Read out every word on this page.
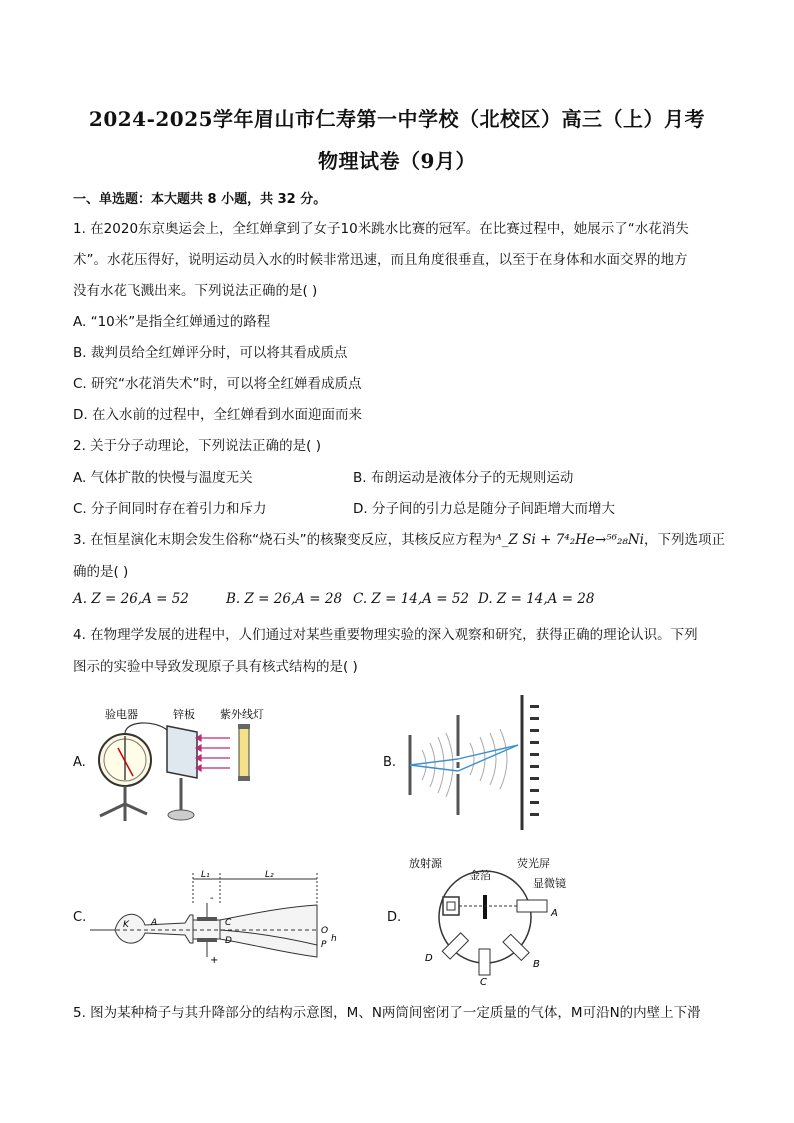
2024-2025学年眉山市仁寿第一中学校（北校区）高三（上）月考
物理试卷（9月）
一、单选题：本大题共 8 小题，共 32 分。
1. 在2020东京奥运会上，全红婵拿到了女子10米跳水比赛的冠军。在比赛过程中，她展示了“水花消失
术”。水花压得好，说明运动员入水的时候非常迅速，而且角度很垂直，以至于在身体和水面交界的地方
没有水花飞溅出来。下列说法正确的是( )
A. “10米”是指全红婵通过的路程
B. 裁判员给全红婵评分时，可以将其看成质点
C. 研究“水花消失术”时，可以将全红婵看成质点
D. 在入水前的过程中，全红婵看到水面迎面而来
2. 关于分子动理论，下列说法正确的是( )
A. 气体扩散的快慢与温度无关	B. 布朗运动是液体分子的无规则运动
C. 分子间同时存在着引力和斥力	D. 分子间的引力总是随分子间距增大而增大
3. 在恒星演化末期会发生俗称“烧石头”的核聚变反应，其核反应方程为ᴬ_Z Si + 7⁴₂He→⁵⁶₂₈Ni，下列选项正
确的是( )
A. Z = 26,A = 52	B. Z = 26,A = 28 C. Z = 14,A = 52 D. Z = 14,A = 28
4. 在物理学发展的进程中，人们通过对某些重要物理实验的深入观察和研究，获得正确的理论认识。下列
图示的实验中导致发现原子具有核式结构的是( )
A.	B.
C.	D.
验电器	锌板 紫外线灯
L₁	L₂
K A	C
D
O
P
h
+
-
放射源
金箔
荧光屏
显微镜
A
B
C
D
5. 图为某种椅子与其升降部分的结构示意图，M、N两筒间密闭了一定质量的气体，M可沿N的内壁上下滑
